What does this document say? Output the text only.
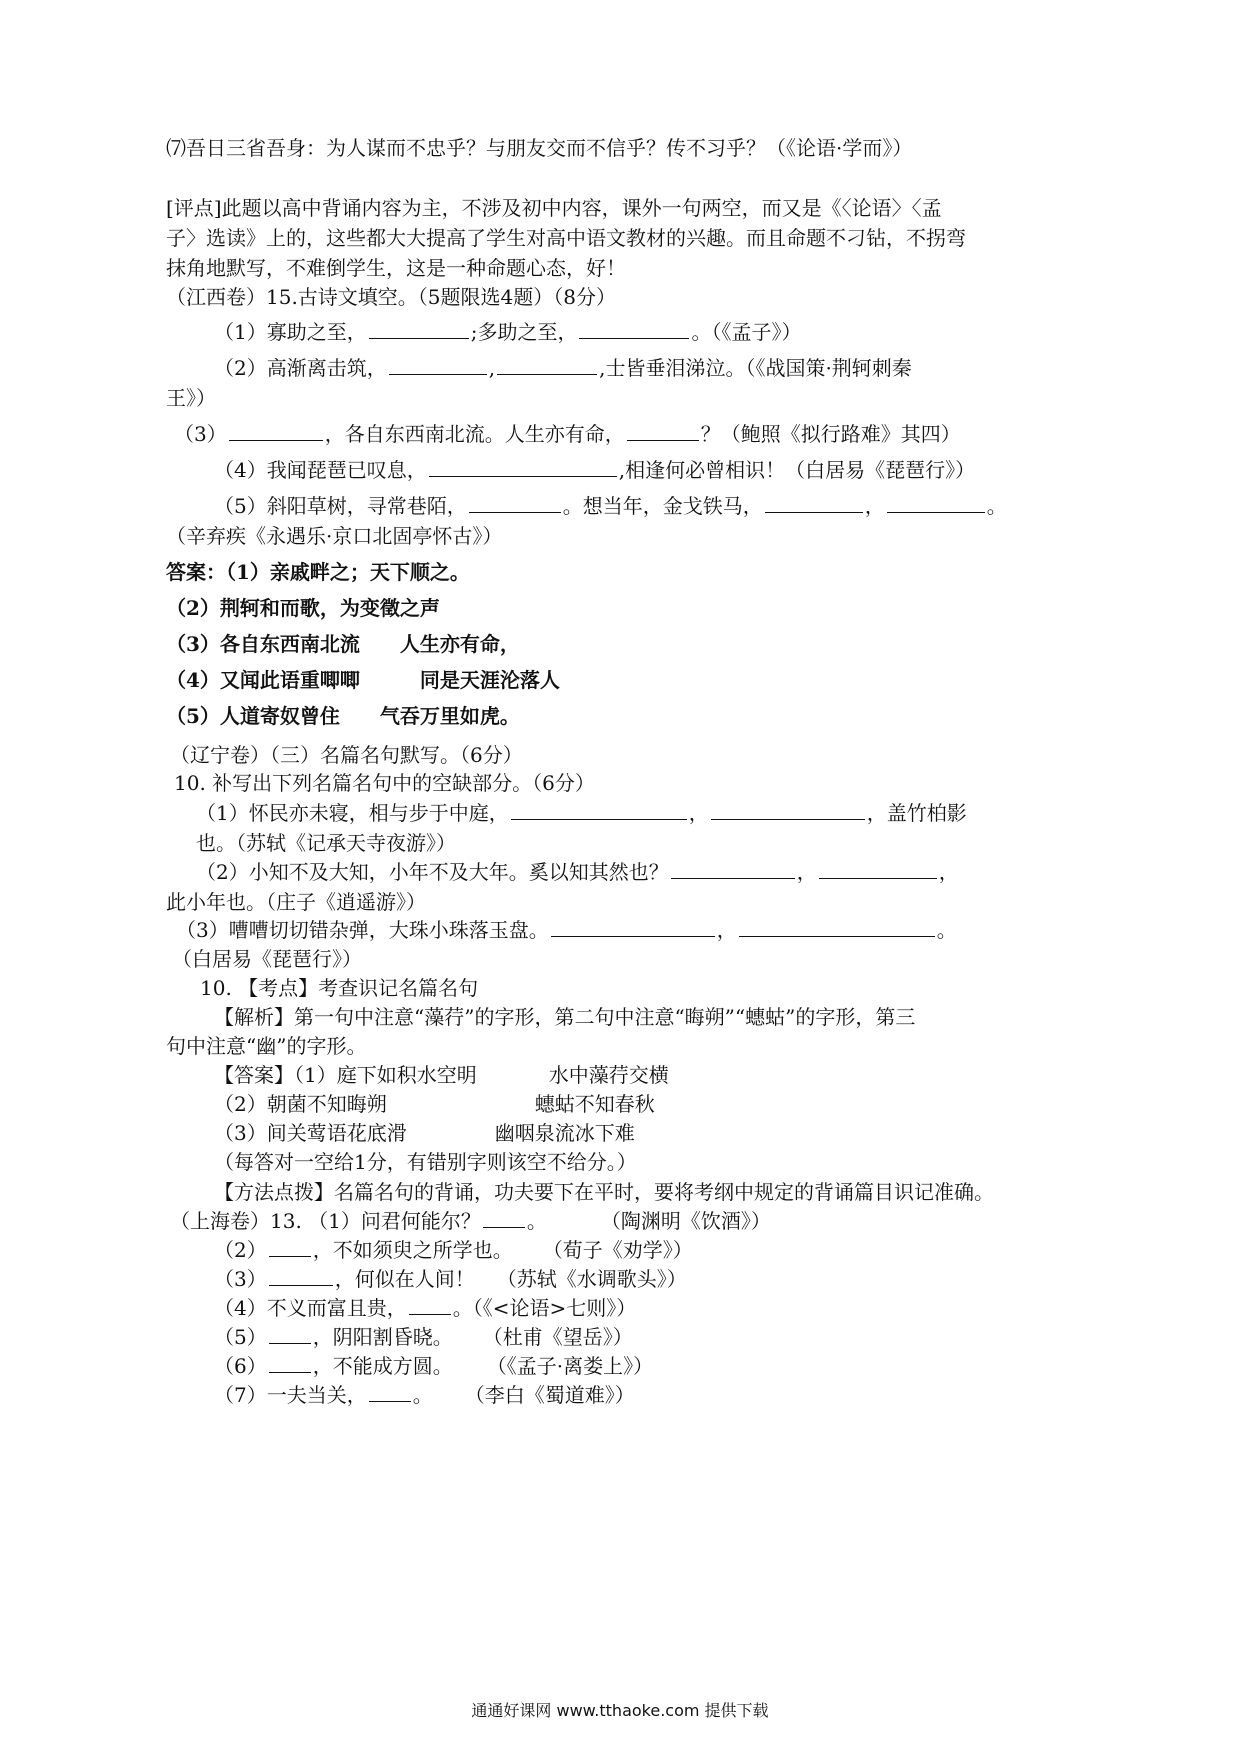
⑺吾日三省吾身：为人谋而不忠乎？与朋友交而不信乎？传不习乎？（《论语·学而》）
[评点]此题以高中背诵内容为主，不涉及初中内容，课外一句两空，而又是《〈论语〉〈孟
子〉选读》上的，这些都大大提高了学生对高中语文教材的兴趣。而且命题不刁钻，不拐弯
抹角地默写，不难倒学生，这是一种命题心态，好！
（江西卷）15.古诗文填空。（5题限选4题）（8分）
（1）寡助之至，	;多助之至，	。（《孟子》）
（2）高渐离击筑，	,	,士皆垂泪涕泣。（《战国策·荆轲刺秦
王》）
（3）	，各自东西南北流。人生亦有命，	？（鲍照《拟行路难》其四）
（4）我闻琵琶已叹息，	,相逢何必曾相识！（白居易《琵琶行》）
（5）斜阳草树，寻常巷陌，	。想当年，金戈铁马，	，	。
（辛弃疾《永遇乐·京口北固亭怀古》）
答案：（1）亲戚畔之；天下顺之。
（2）荆轲和而歌，为变徵之声
（3）各自东西南北流 人生亦有命，
（4）又闻此语重唧唧	同是天涯沦落人
（5）人道寄奴曾住 气吞万里如虎。
（辽宁卷）（三）名篇名句默写。（6分）
10. 补写出下列名篇名句中的空缺部分。（6分）
（1）怀民亦未寝，相与步于中庭，	，	，盖竹柏影
也。（苏轼《记承天寺夜游》）
（2）小知不及大知，小年不及大年。奚以知其然也？	，	，
此小年也。（庄子《逍遥游》）
（3）嘈嘈切切错杂弹，大珠小珠落玉盘。	，	。
（白居易《琵琶行》）
10. 【考点】考查识记名篇名句
【解析】第一句中注意“藻荇”的字形，第二句中注意“晦朔”“蟪蛄”的字形，第三
句中注意“幽”的字形。
【答案】（1）庭下如积水空明	水中藻荇交横
（2）朝菌不知晦朔	蟪蛄不知春秋
（3）间关莺语花底滑	幽咽泉流冰下难
（每答对一空给1分，有错别字则该空不给分。）
【方法点拨】名篇名句的背诵，功夫要下在平时，要将考纲中规定的背诵篇目识记准确。
（上海卷）13. （1）问君何能尔？ 。	（陶渊明《饮酒》）
（2） ，不如须臾之所学也。 （荀子《劝学》）
（3）	，何似在人间！ （苏轼《水调歌头》）
（4）不义而富且贵， 。（《<论语>七则》）
（5） ，阴阳割昏晓。 （杜甫《望岳》）
（6） ，不能成方圆。 （《孟子·离娄上》）
（7）一夫当关， 。 （李白《蜀道难》）
通通好课网 www.tthaoke.com 提供下载
